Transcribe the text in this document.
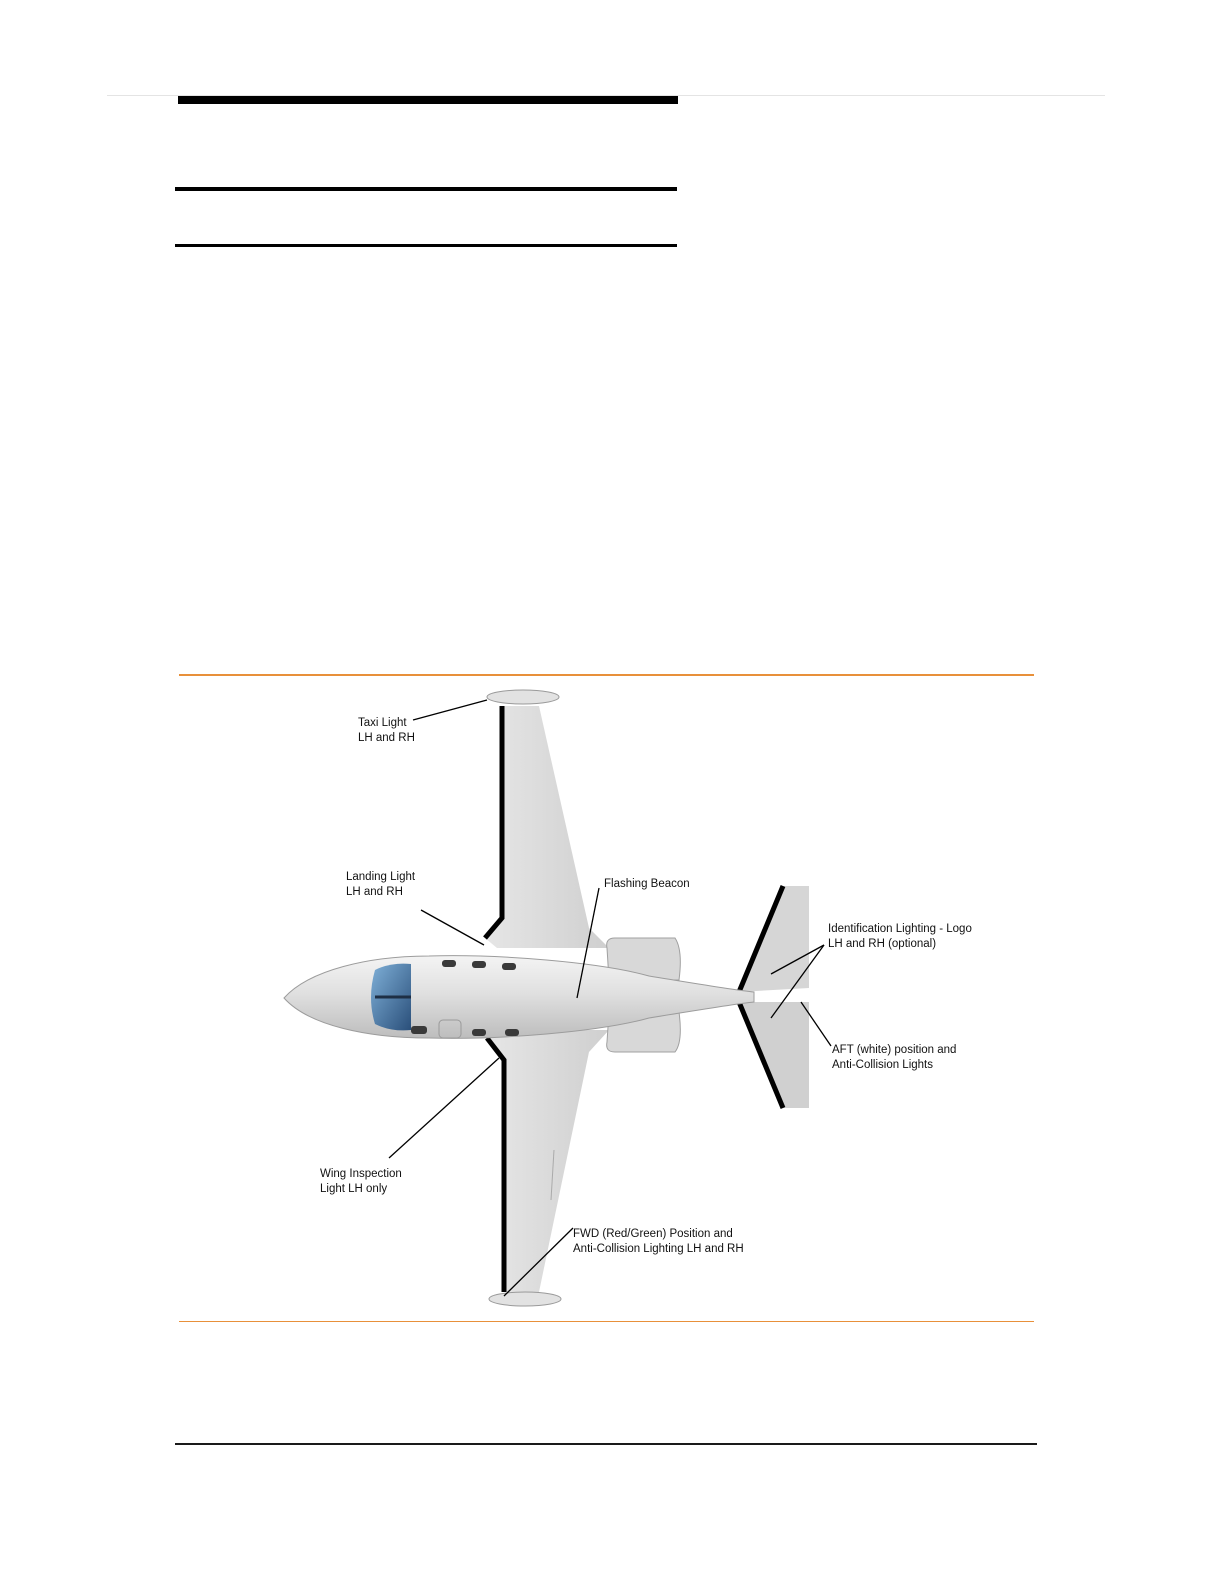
Taxi Light
LH and RH
Landing Light
LH and RH
Flashing Beacon
Identification Lighting - Logo
LH and RH (optional)
AFT (white) position and
Anti-Collision Lights
Wing Inspection
Light LH only
FWD (Red/Green) Position and
Anti-Collision Lighting LH and RH
